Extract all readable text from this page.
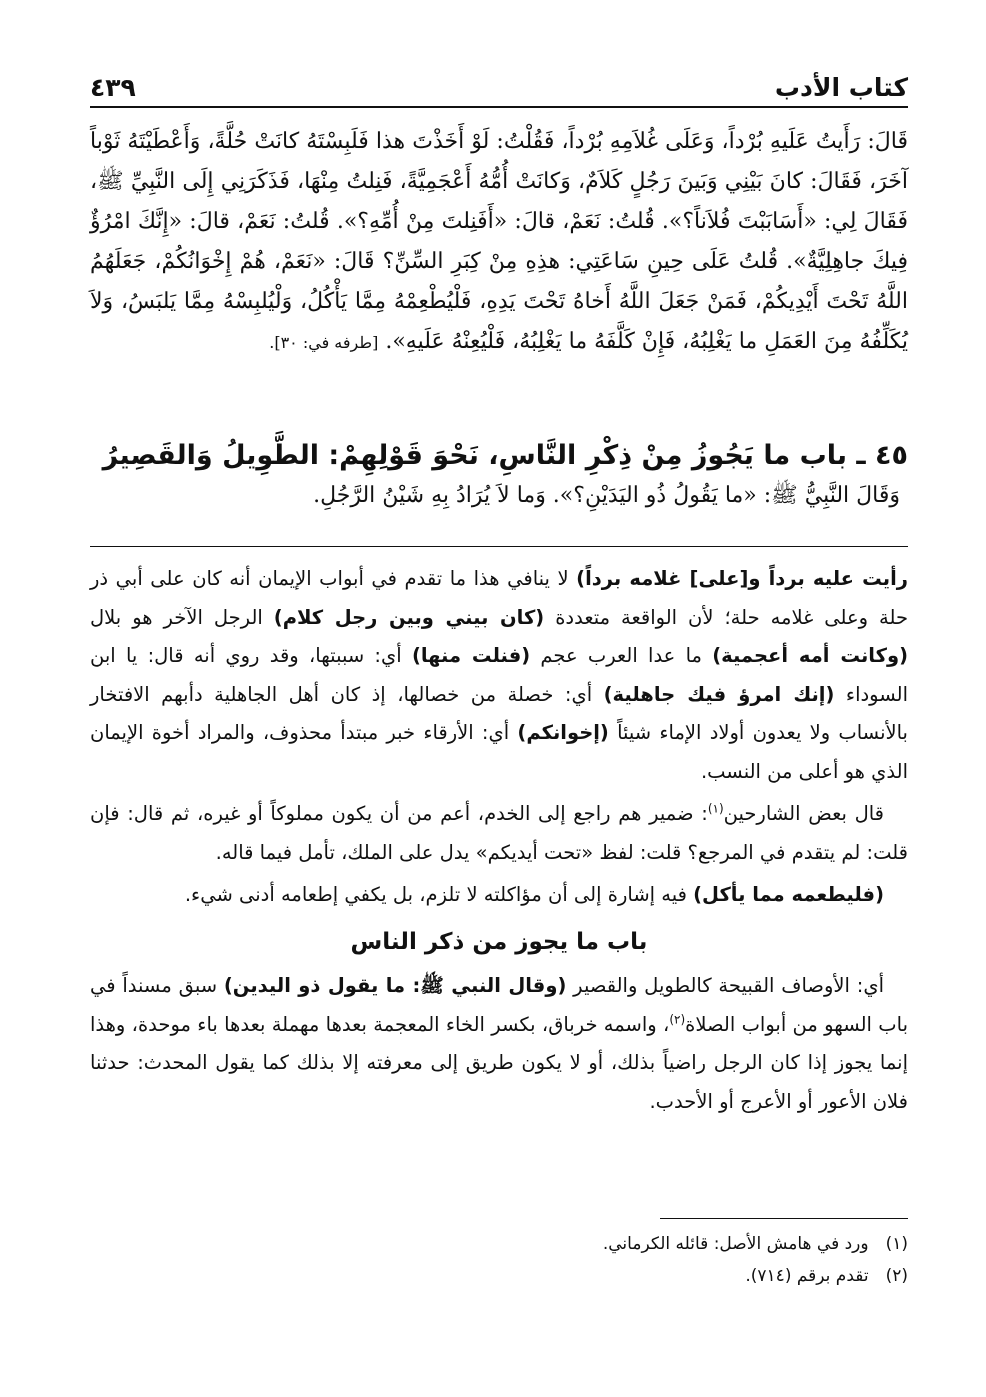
كتاب الأدب
٤٣٩
قَالَ: رَأَيتُ عَلَيهِ بُرْداً، وَعَلَى غُلاَمِهِ بُرْداً، فَقُلْتُ: لَوْ أَخَذْتَ هذا فَلَبِسْتَهُ كانَتْ حُلَّةً، وَأَعْطَيْتَهُ ثَوْباً آخَرَ، فَقَالَ: كانَ بَيْنِي وَبَينَ رَجُلٍ كَلاَمٌ، وَكانَتْ أُمُّهُ أَعْجَمِيَّةً، فَنِلتُ مِنْهَا، فَذَكَرَنِي إِلَى النَّبِيِّ ﷺ، فَقَالَ لِي: «أَسَابَبْتَ فُلاَناً؟». قُلتُ: نَعَمْ، قالَ: «أَفَنِلتَ مِنْ أُمِّهِ؟». قُلتُ: نَعَمْ، قالَ: «إِنَّكَ امْرُؤٌ فِيكَ جاهِلِيَّةٌ». قُلتُ عَلَى حِينِ سَاعَتِي: هذِهِ مِنْ كِبَرِ السِّنِّ؟ قَالَ: «نَعَمْ، هُمْ إِخْوَانُكُمْ، جَعَلَهُمُ اللَّهُ تَحْتَ أَيْدِيكُمْ، فَمَنْ جَعَلَ اللَّهُ أَخاهُ تَحْتَ يَدِهِ، فَلْيُطْعِمْهُ مِمَّا يَأْكُلُ، وَلْيُلبِسْهُ مِمَّا يَلبَسُ، وَلاَ يُكَلِّفُهُ مِنَ العَمَلِ ما يَغْلِبُهُ، فَإِنْ كَلَّفَهُ ما يَغْلِبُهُ، فَلْيُعِنْهُ عَلَيهِ». [طرفه في: ٣٠].
٤٥ ـ باب ما يَجُوزُ مِنْ ذِكْرِ النَّاسِ، نَحْوَ قَوْلِهِمْ: الطَّوِيلُ وَالقَصِيرُ
وَقَالَ النَّبِيُّ ﷺ: «ما يَقُولُ ذُو اليَدَيْنِ؟». وَما لاَ يُرَادُ بِهِ شَيْنُ الرَّجُلِ.

رأيت عليه برداً و[على] غلامه برداً) لا ينافي هذا ما تقدم في أبواب الإيمان أنه كان على أبي ذر حلة وعلى غلامه حلة؛ لأن الواقعة متعددة (كان بيني وبين رجل كلام) الرجل الآخر هو بلال (وكانت أمه أعجمية) ما عدا العرب عجم (فنلت منها) أي: سببتها، وقد روي أنه قال: يا ابن السوداء (إنك امرؤ فيك جاهلية) أي: خصلة من خصالها، إذ كان أهل الجاهلية دأبهم الافتخار بالأنساب ولا يعدون أولاد الإماء شيئاً (إخوانكم) أي: الأرقاء خبر مبتدأ محذوف، والمراد أخوة الإيمان الذي هو أعلى من النسب.

قال بعض الشارحين$^{(١)}$: ضمير هم راجع إلى الخدم، أعم من أن يكون مملوكاً أو غيره، ثم قال: فإن قلت: لم يتقدم في المرجع؟ قلت: لفظ «تحت أيديكم» يدل على الملك، تأمل فيما قاله.

(فليطعمه مما يأكل) فيه إشارة إلى أن مؤاكلته لا تلزم، بل يكفي إطعامه أدنى شيء.

باب ما يجوز من ذكر الناس

أي: الأوصاف القبيحة كالطويل والقصير (وقال النبي ﷺ: ما يقول ذو اليدين) سبق مسنداً في باب السهو من أبواب الصلاة$^{(٢)}$، واسمه خرباق، بكسر الخاء المعجمة بعدها مهملة بعدها باء موحدة، وهذا إنما يجوز إذا كان الرجل راضياً بذلك، أو لا يكون طريق إلى معرفته إلا بذلك كما يقول المحدث: حدثنا فلان الأعور أو الأعرج أو الأحدب.

(١) ورد في هامش الأصل: قائله الكرماني.
(٢) تقدم برقم (٧١٤).
